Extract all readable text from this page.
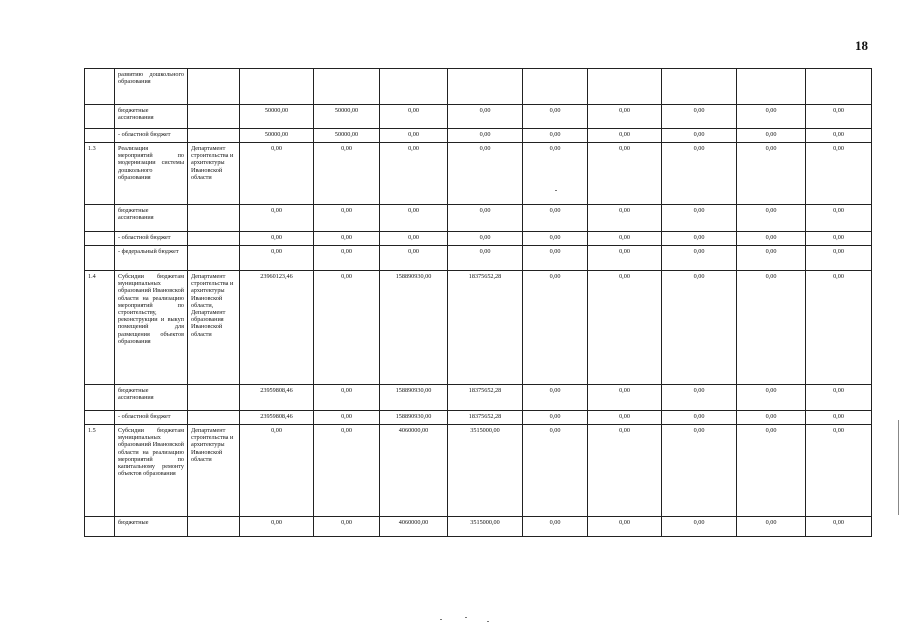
18
	развитию дошкольного образования										
	бюджетные ассигнования		50000,00	50000,00	0,00	0,00	0,00	0,00	0,00	0,00	0,00
	- областной бюджет		50000,00	50000,00	0,00	0,00	0,00	0,00	0,00	0,00	0,00
1.3	Реализация мероприятий по модернизации системы дошкольного образования	Департамент строительства и архитектуры Ивановской области	0,00	0,00	0,00	0,00	0,00	0,00	0,00	0,00	0,00
	бюджетные ассигнования		0,00	0,00	0,00	0,00	0,00	0,00	0,00	0,00	0,00
	- областной бюджет		0,00	0,00	0,00	0,00	0,00	0,00	0,00	0,00	0,00
	- федеральный бюджет		0,00	0,00	0,00	0,00	0,00	0,00	0,00	0,00	0,00
1.4	Субсидии бюджетам муниципальных образований Ивановской области на реализацию мероприятий по строительству, реконструкции и выкуп помещений для размещения объектов образования	Департамент строительства и архитектуры Ивановской области, Департамент образования Ивановской области	23960123,46	0,00	158890930,00	18375652,28	0,00	0,00	0,00	0,00	0,00
	бюджетные ассигнования		23959808,46	0,00	158890930,00	18375652,28	0,00	0,00	0,00	0,00	0,00
	- областной бюджет		23959808,46	0,00	158890930,00	18375652,28	0,00	0,00	0,00	0,00	0,00
1.5	Субсидии бюджетам муниципальных образований Ивановской области на реализацию мероприятий по капитальному ремонту объектов образования	Департамент строительства и архитектуры Ивановской области	0,00	0,00	4060000,00	3515000,00	0,00	0,00	0,00	0,00	0,00
	бюджетные		0,00	0,00	4060000,00	3515000,00	0,00	0,00	0,00	0,00	0,00
